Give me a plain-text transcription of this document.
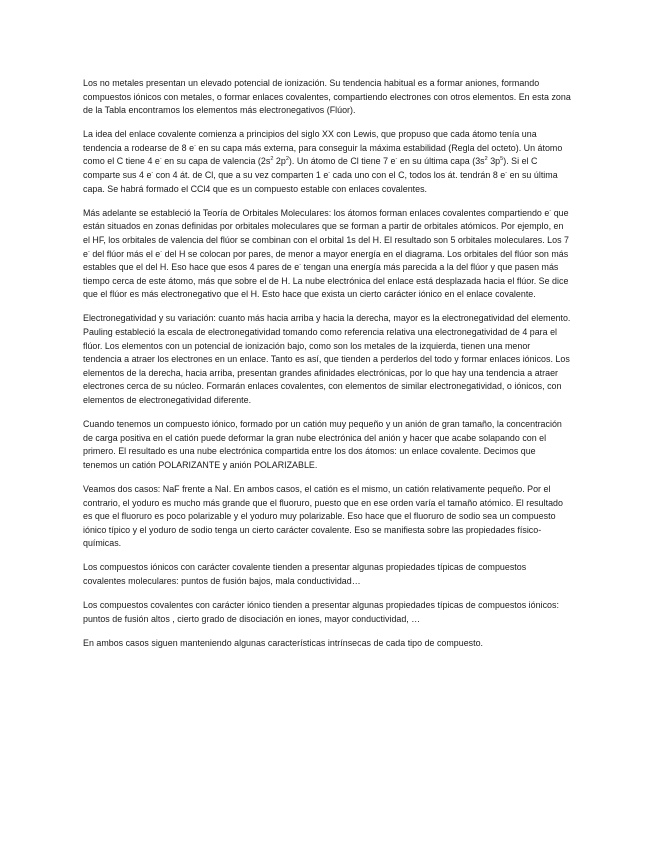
Los no metales presentan un elevado potencial de ionización. Su tendencia habitual es a formar aniones, formando compuestos iónicos con metales, o formar enlaces covalentes, compartiendo electrones con otros elementos. En esta zona de la Tabla encontramos los elementos más electronegativos (Flúor).

La idea del enlace covalente comienza a principios del siglo XX con Lewis, que propuso que cada átomo tenía una tendencia a rodearse de 8 e- en su capa más externa, para conseguir la máxima estabilidad (Regla del octeto). Un átomo como el C tiene 4 e- en su capa de valencia ($2s^2$ $2p^2$). Un átomo de Cl tiene 7 e- en su última capa ($3s^2$ $3p^5$). Si el C comparte sus 4 e- con 4 át. de Cl, que a su vez comparten 1 e- cada uno con el C, todos los át. tendrán 8 e- en su última capa. Se habrá formado el CCl4 que es un compuesto estable con enlaces covalentes.

Más adelante se estableció la Teoría de Orbitales Moleculares: los átomos forman enlaces covalentes compartiendo e- que están situados en zonas definidas por orbitales moleculares que se forman a partir de orbitales atómicos. Por ejemplo, en el HF, los orbitales de valencia del flúor se combinan con el orbital 1s del H. El resultado son 5 orbitales moleculares. Los 7 e- del flúor más el e- del H se colocan por pares, de menor a mayor energía en el diagrama. Los orbitales del flúor son más estables que el del H. Eso hace que esos 4 pares de e- tengan una energía más parecida a la del flúor y que pasen más tiempo cerca de este átomo, más que sobre el de H. La nube electrónica del enlace está desplazada hacia el flúor. Se dice que el flúor es más electronegativo que el H. Esto hace que exista un cierto carácter iónico en el enlace covalente.

Electronegatividad y su variación: cuanto más hacia arriba y hacia la derecha, mayor es la electronegatividad del elemento. Pauling estableció la escala de electronegatividad tomando como referencia relativa una electronegatividad de 4 para el flúor. Los elementos con un potencial de ionización bajo, como son los metales de la izquierda, tienen una menor tendencia a atraer los electrones en un enlace. Tanto es así, que tienden a perderlos del todo y formar enlaces iónicos. Los elementos de la derecha, hacia arriba, presentan grandes afinidades electrónicas, por lo que hay una tendencia a atraer electrones cerca de su núcleo. Formarán enlaces covalentes, con elementos de similar electronegatividad, o iónicos, con elementos de electronegatividad diferente.

Cuando tenemos un compuesto iónico, formado por un catión muy pequeño y un anión de gran tamaño, la concentración de carga positiva en el catión puede deformar la gran nube electrónica del anión y hacer que acabe solapando con el primero. El resultado es una nube electrónica compartida entre los dos átomos: un enlace covalente. Decimos que tenemos un catión POLARIZANTE y anión POLARIZABLE.

Veamos dos casos: NaF frente a NaI. En ambos casos, el catión es el mismo, un catión relativamente pequeño. Por el contrario, el yoduro es mucho más grande que el fluoruro, puesto que en ese orden varía el tamaño atómico. El resultado es que el fluoruro es poco polarizable y el yoduro muy polarizable. Eso hace que el fluoruro de sodio sea un compuesto iónico típico y el yoduro de sodio tenga un cierto carácter covalente. Eso se manifiesta sobre las propiedades físico-químicas.

Los compuestos iónicos con carácter covalente tienden a presentar algunas propiedades típicas de compuestos covalentes moleculares: puntos de fusión bajos, mala conductividad…

Los compuestos covalentes con carácter iónico tienden a presentar algunas propiedades típicas de compuestos iónicos: puntos de fusión altos , cierto grado de disociación en iones, mayor conductividad, …

En ambos casos siguen manteniendo algunas características intrínsecas de cada tipo de compuesto.
